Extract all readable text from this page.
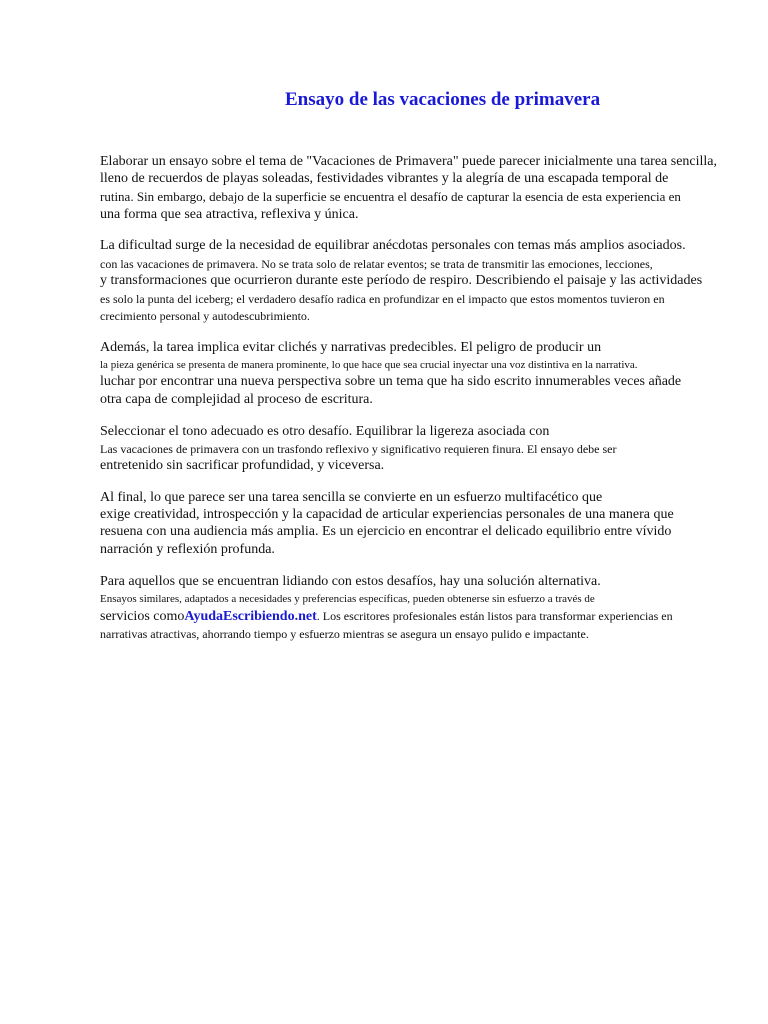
Ensayo de las vacaciones de primavera
Elaborar un ensayo sobre el tema de "Vacaciones de Primavera" puede parecer inicialmente una tarea sencilla,
lleno de recuerdos de playas soleadas, festividades vibrantes y la alegría de una escapada temporal de
rutina. Sin embargo, debajo de la superficie se encuentra el desafío de capturar la esencia de esta experiencia en
una forma que sea atractiva, reflexiva y única.
La dificultad surge de la necesidad de equilibrar anécdotas personales con temas más amplios asociados.
con las vacaciones de primavera. No se trata solo de relatar eventos; se trata de transmitir las emociones, lecciones,
y transformaciones que ocurrieron durante este período de respiro. Describiendo el paisaje y las actividades
es solo la punta del iceberg; el verdadero desafío radica en profundizar en el impacto que estos momentos tuvieron en
crecimiento personal y autodescubrimiento.
Además, la tarea implica evitar clichés y narrativas predecibles. El peligro de producir un
la pieza genérica se presenta de manera prominente, lo que hace que sea crucial inyectar una voz distintiva en la narrativa.
luchar por encontrar una nueva perspectiva sobre un tema que ha sido escrito innumerables veces añade
otra capa de complejidad al proceso de escritura.
Seleccionar el tono adecuado es otro desafío. Equilibrar la ligereza asociada con
Las vacaciones de primavera con un trasfondo reflexivo y significativo requieren finura. El ensayo debe ser
entretenido sin sacrificar profundidad, y viceversa.
Al final, lo que parece ser una tarea sencilla se convierte en un esfuerzo multifacético que
exige creatividad, introspección y la capacidad de articular experiencias personales de una manera que
resuena con una audiencia más amplia. Es un ejercicio en encontrar el delicado equilibrio entre vívido
narración y reflexión profunda.
Para aquellos que se encuentran lidiando con estos desafíos, hay una solución alternativa.
Ensayos similares, adaptados a necesidades y preferencias específicas, pueden obtenerse sin esfuerzo a través de
servicios comoAyudaEscribiendo.net. Los escritores profesionales están listos para transformar experiencias en
narrativas atractivas, ahorrando tiempo y esfuerzo mientras se asegura un ensayo pulido e impactante.
